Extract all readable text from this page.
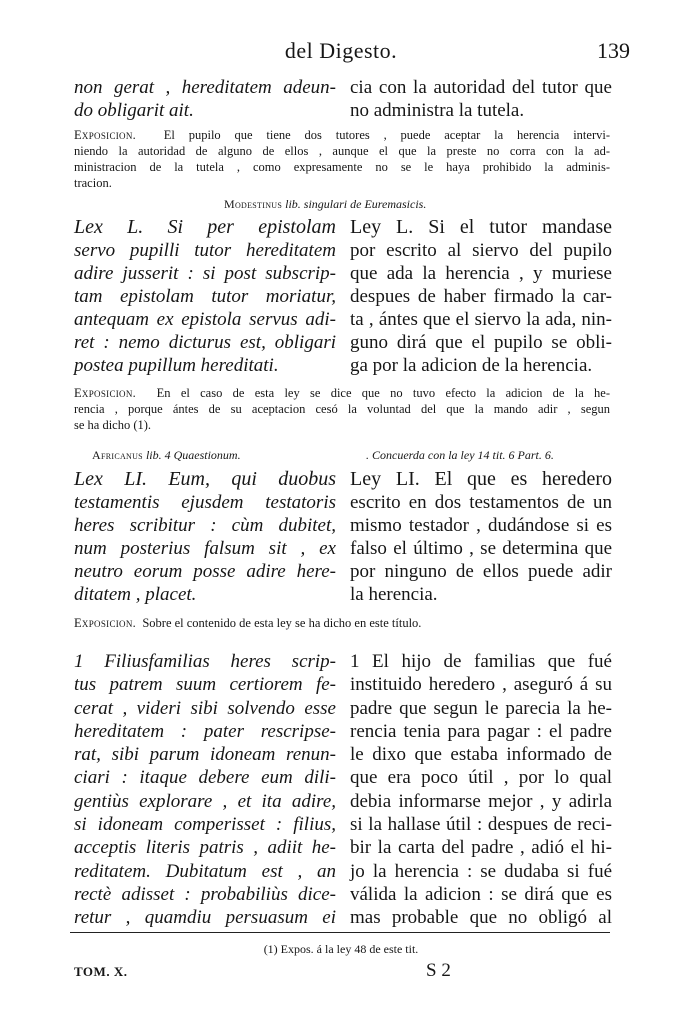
del Digesto.	139
non gerat , hereditatem adeun-
do obligarit ait.
cia con la autoridad del tutor que
no administra la tutela.
Exposicion. El pupilo que tiene dos tutores , puede aceptar la herencia intervi-
niendo la autoridad de alguno de ellos , aunque el que la preste no corra con la ad-
ministracion de la tutela , como expresamente no se le haya prohibido la adminis-
tracion.
Modestinus lib. singulari de Euremasicis.
Lex L. Si per epistolam
servo pupilli tutor hereditatem
adire jusserit : si post subscrip-
tam epistolam tutor moriatur,
antequam ex epistola servus adi-
ret : nemo dicturus est, obligari
postea pupillum hereditati.
Ley L. Si el tutor mandase
por escrito al siervo del pupilo
que ada la herencia , y muriese
despues de haber firmado la car-
ta , ántes que el siervo la ada, nin-
guno dirá que el pupilo se obli-
ga por la adicion de la herencia.
Exposicion. En el caso de esta ley se dice que no tuvo efecto la adicion de la he-
rencia , porque ántes de su aceptacion cesó la voluntad del que la mando adir , segun
se ha dicho (1).
Africanus lib. 4 Quaestionum.	. Concuerda con la ley 14 tit. 6 Part. 6.
Lex LI. Eum, qui duobus
testamentis ejusdem testatoris
heres scribitur : cùm dubitet,
num posterius falsum sit , ex
neutro eorum posse adire here-
ditatem , placet.
Ley LI. El que es heredero
escrito en dos testamentos de un
mismo testador , dudándose si es
falso el último , se determina que
por ninguno de ellos puede adir
la herencia.
Exposicion. Sobre el contenido de esta ley se ha dicho en este título.
1 Filiusfamilias heres scrip-
tus patrem suum certiorem fe-
cerat , videri sibi solvendo esse
hereditatem : pater rescripse-
rat, sibi parum idoneam renun-
ciari : itaque debere eum dili-
gentiùs explorare , et ita adire,
si idoneam comperisset : filius,
acceptis literis patris , adiit he-
reditatem. Dubitatum est , an
rectè adisset : probabiliùs dice-
retur , quamdiu persuasum ei
1 El hijo de familias que fué
instituido heredero , aseguró á su
padre que segun le parecia la he-
rencia tenia para pagar : el padre
le dixo que estaba informado de
que era poco útil , por lo qual
debia informarse mejor , y adirla
si la hallase útil : despues de reci-
bir la carta del padre , adió el hi-
jo la herencia : se dudaba si fué
válida la adicion : se dirá que es
mas probable que no obligó al
(1) Expos. á la ley 48 de este tit.
TOM. X.	S 2
